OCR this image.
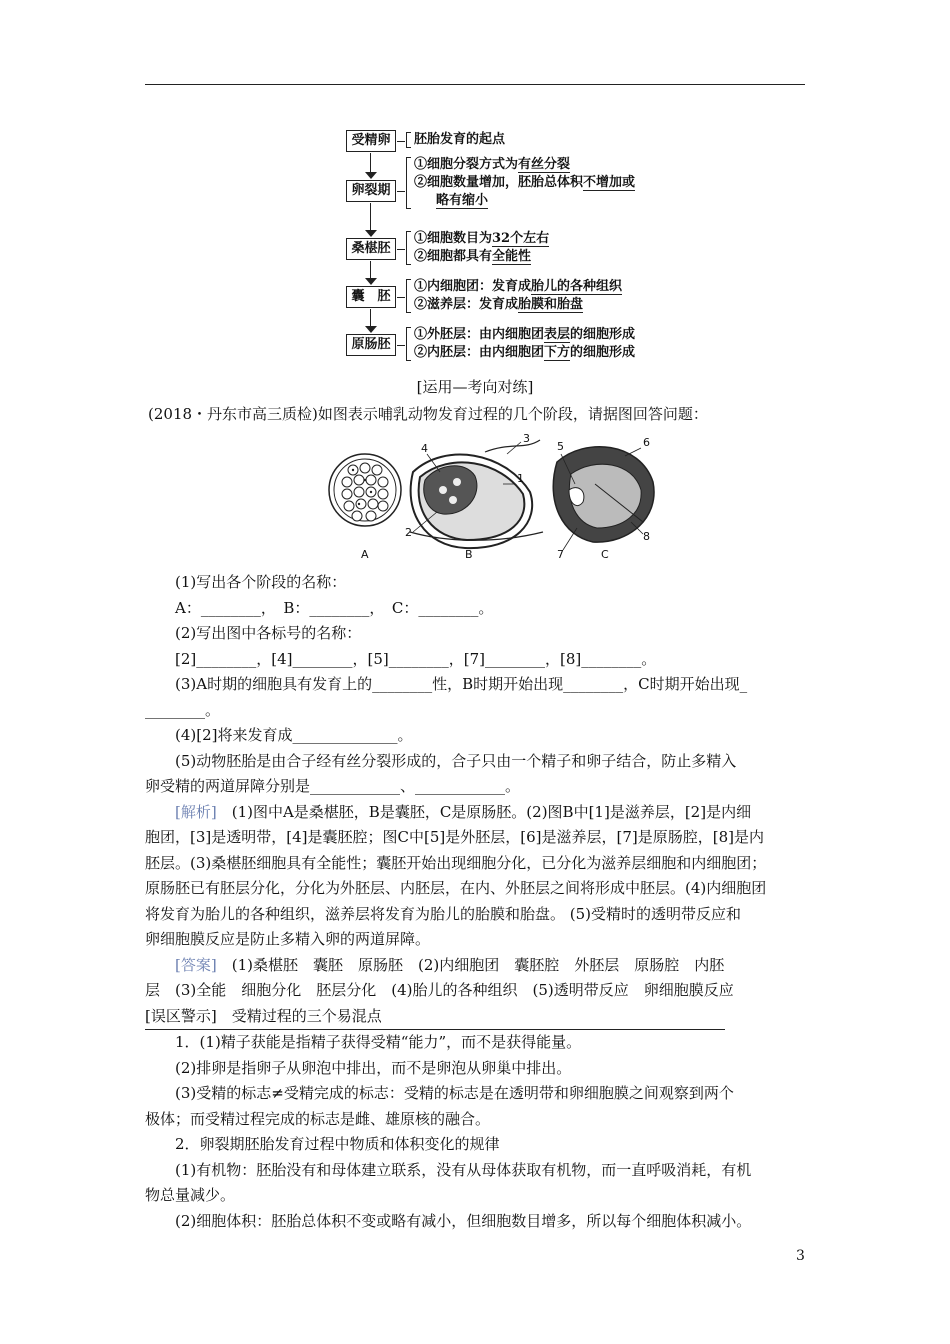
受精卵	胚胎发育的起点
卵裂期
①细胞分裂方式为有丝分裂
②细胞数量增加，胚胎总体积不增加或
略有缩小
桑椹胚
①细胞数目为32个左右
②细胞都具有全能性
囊　胚
①内细胞团：发育成胎儿的各种组织
②滋养层：发育成胎膜和胎盘
原肠胚
①外胚层：由内细胞团表层的细胞形成
②内胚层：由内细胞团下方的细胞形成
[运用—考向对练]
(2018・丹东市高三质检)如图表示哺乳动物发育过程的几个阶段，请据图回答问题：
A	B	C
1
2
3
4	5	6
7
8

(1)写出各个阶段的名称：

A：________，　B：________，　C：________。

(2)写出图中各标号的名称：

[2]________，[4]________，[5]________，[7]________，[8]________。

(3)A时期的细胞具有发育上的________性，B时期开始出现________，C时期开始出现_

________。

(4)[2]将来发育成______________。

(5)动物胚胎是由合子经有丝分裂形成的，合子只由一个精子和卵子结合，防止多精入

卵受精的两道屏障分别是____________、____________。

[解析]　(1)图中A是桑椹胚，B是囊胚，C是原肠胚。(2)图B中[1]是滋养层，[2]是内细

胞团，[3]是透明带，[4]是囊胚腔；图C中[5]是外胚层，[6]是滋养层，[7]是原肠腔，[8]是内

胚层。(3)桑椹胚细胞具有全能性；囊胚开始出现细胞分化，已分化为滋养层细胞和内细胞团；

原肠胚已有胚层分化，分化为外胚层、内胚层，在内、外胚层之间将形成中胚层。(4)内细胞团

将发育为胎儿的各种组织，滋养层将发育为胎儿的胎膜和胎盘。 (5)受精时的透明带反应和

卵细胞膜反应是防止多精入卵的两道屏障。

[答案]　(1)桑椹胚　囊胚　原肠胚　(2)内细胞团　囊胚腔　外胚层　原肠腔　内胚

层　(3)全能　细胞分化　胚层分化　(4)胎儿的各种组织　(5)透明带反应　卵细胞膜反应

[误区警示]　受精过程的三个易混点

1．(1)精子获能是指精子获得受精“能力”，而不是获得能量。

(2)排卵是指卵子从卵泡中排出，而不是卵泡从卵巢中排出。

(3)受精的标志≠受精完成的标志：受精的标志是在透明带和卵细胞膜之间观察到两个

极体；而受精过程完成的标志是雌、雄原核的融合。

2．卵裂期胚胎发育过程中物质和体积变化的规律

(1)有机物：胚胎没有和母体建立联系，没有从母体获取有机物，而一直呼吸消耗，有机

物总量减少。

(2)细胞体积：胚胎总体积不变或略有减小，但细胞数目增多，所以每个细胞体积减小。

3
